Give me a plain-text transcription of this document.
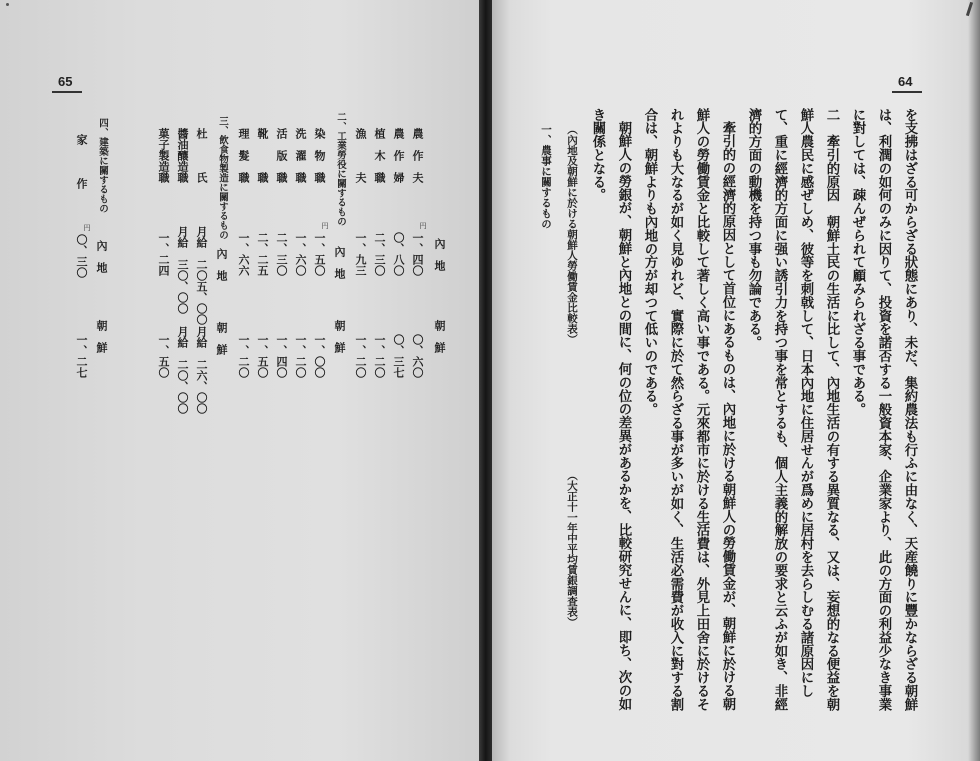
65	64
を支拂はざる可からざる狀態にあり、未だ、集約農法も行ふに由なく、天産饒りに豐かならざる朝鮮
は、利潤の如何のみに因りて、投資を諾否する一般資本家、企業家より、此の方面の利益少なき事業
に對しては、疎んぜられて顧みられざる事である。
二　牽引的原因　朝鮮土民の生活に比して、內地生活の有する異質なる、又は、妄想的なる便益を朝
鮮人農民に感ぜしめ、彼等を刺戟して、日本內地に住居せんが爲めに居村を去らしむる諸原因にし
て、重に經濟的方面に强い誘引力を持つ事を常とするも、個人主義的解放の要求と云ふが如き、非經
濟的方面の動機を持つ事も勿論である。
牽引的の經濟的原因として首位にあるものは、內地に於ける朝鮮人の勞働賃金が、朝鮮に於ける朝
鮮人の勞働賃金と比較して著しく高い事である。元來都市に於ける生活費は、外見上田舍に於けるそ
れよりも大なるが如く見ゆれど、實際に於て然らざる事が多いが如く、生活必需費が收入に對する割
合は、朝鮮よりも內地の方が却つて低いのである。
朝鮮人の勞銀が、朝鮮と內地との間に、何の位の差異があるかを、比較研究せんに、即ち、次の如
き關係となる。
（內地及朝鮮に於ける朝鮮人勞働賃金比較表）
（大正十一年中平均賃銀調査表）
一、農事に關するもの
內　地
朝　鮮
農　作　夫
円
一、四〇
〇、六〇
農　作　婦
〇、八〇
〇、三七
植　木　職
二、三〇
一、二〇
漁　　　夫
一、九三
一、二〇
二、工業勞役に關するもの
內　地
朝　鮮
染　物　職
円
一、五〇
一、〇〇
洗　濯　職
一、六〇
一、二〇
活　版　職
二、三〇
一、四〇
靴　　　職
二、二五
一、五〇
理　髮　職
一、六六
一、二〇
三、飲食物製造に關するもの
內　地
朝　鮮
杜　　　氏
月給　二〇五、〇〇
月給　二六、〇〇
醬油釀造職
月給　三〇、〇〇
月給　二〇、〇〇
菓子製造職
一、二四
一、五〇
四、建築に關するもの
內　地
朝　鮮
家　　　作
円
〇、三〇
一、二七
